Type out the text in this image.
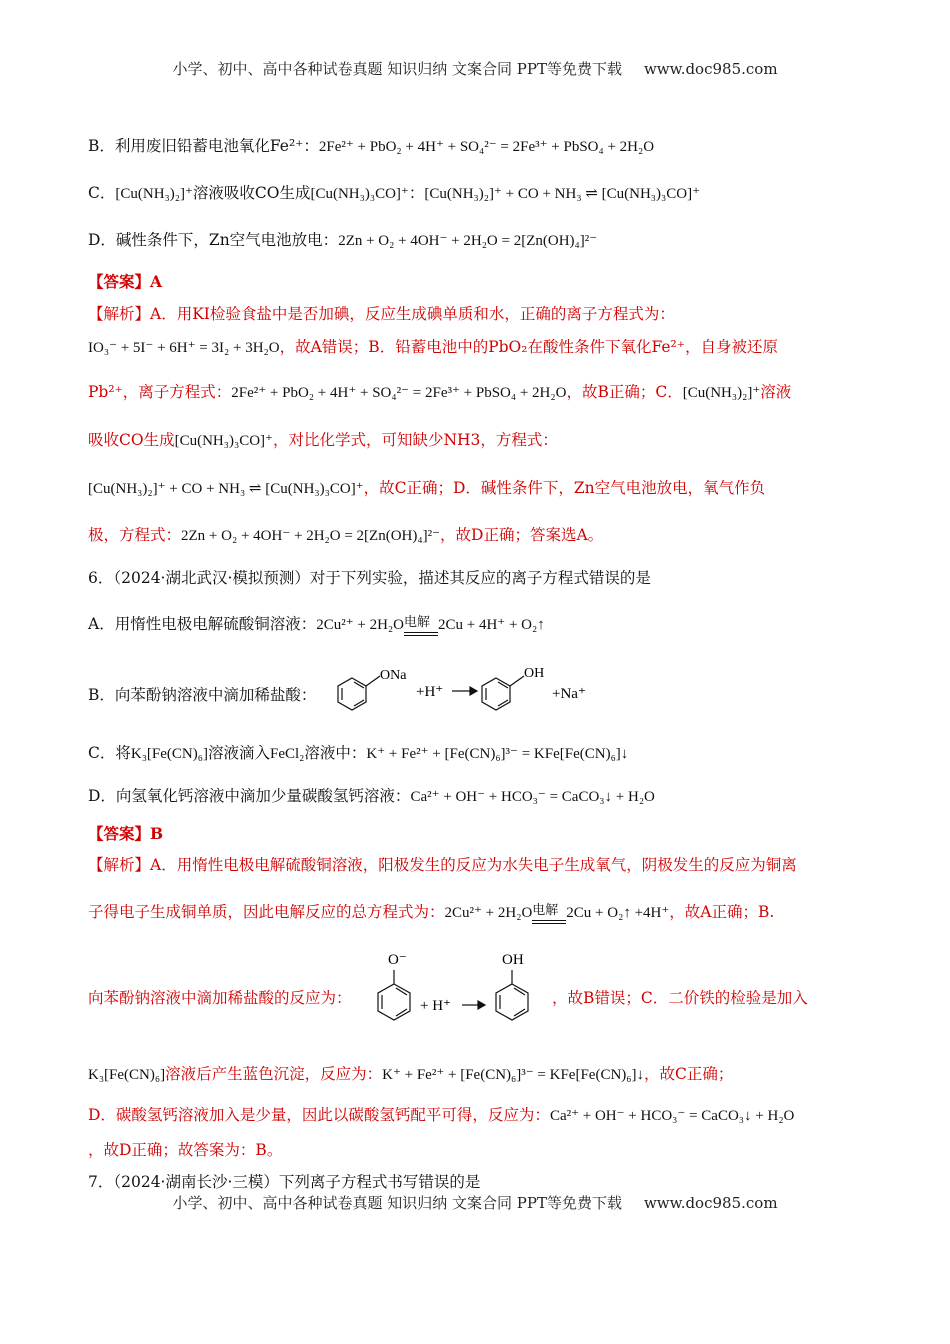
小学、初中、高中各种试卷真题 知识归纳 文案合同 PPT等免费下载 www.doc985.com
B．利用废旧铅蓄电池氧化Fe²⁺：2Fe²⁺ + PbO₂ + 4H⁺ + SO₄²⁻ = 2Fe³⁺ + PbSO₄ + 2H₂O
C．[Cu(NH₃)₂]⁺溶液吸收CO生成[Cu(NH₃)₃CO]⁺：[Cu(NH₃)₂]⁺ + CO + NH₃ ⇌ [Cu(NH₃)₃CO]⁺
D．碱性条件下，Zn空气电池放电：2Zn + O₂ + 4OH⁻ + 2H₂O = 2[Zn(OH)₄]²⁻
【答案】A
【解析】A．用KI检验食盐中是否加碘，反应生成碘单质和水，正确的离子方程式为：
IO₃⁻ + 5I⁻ + 6H⁺ = 3I₂ + 3H₂O，故A错误；B．铅蓄电池中的PbO₂在酸性条件下氧化Fe²⁺，自身被还原
Pb²⁺，离子方程式：2Fe²⁺ + PbO₂ + 4H⁺ + SO₄²⁻ = 2Fe³⁺ + PbSO₄ + 2H₂O，故B正确；C．[Cu(NH₃)₂]⁺溶液
吸收CO生成[Cu(NH₃)₃CO]⁺，对比化学式，可知缺少NH3，方程式：
[Cu(NH₃)₂]⁺ + CO + NH₃ ⇌ [Cu(NH₃)₃CO]⁺，故C正确；D．碱性条件下，Zn空气电池放电，氧气作负
极，方程式：2Zn + O₂ + 4OH⁻ + 2H₂O = 2[Zn(OH)₄]²⁻，故D正确；答案选A。
6．（2024·湖北武汉·模拟预测）对于下列实验，描述其反应的离子方程式错误的是
A．用惰性电极电解硫酸铜溶液：2Cu²⁺ + 2H₂O 电解 2Cu + 4H⁺ + O₂↑
B．向苯酚钠溶液中滴加稀盐酸：
ONa
+H⁺
OH
+Na⁺
C．将K₃[Fe(CN)₆]溶液滴入FeCl₂溶液中：K⁺ + Fe²⁺ + [Fe(CN)₆]³⁻ = KFe[Fe(CN)₆]↓
D．向氢氧化钙溶液中滴加少量碳酸氢钙溶液：Ca²⁺ + OH⁻ + HCO₃⁻ = CaCO₃↓ + H₂O
【答案】B
【解析】A．用惰性电极电解硫酸铜溶液，阳极发生的反应为水失电子生成氧气，阴极发生的反应为铜离
子得电子生成铜单质，因此电解反应的总方程式为：2Cu²⁺ + 2H₂O 电解 2Cu + O₂↑ +4H⁺，故A正确；B.
向苯酚钠溶液中滴加稀盐酸的反应为：
O⁻
+ H⁺
OH
，故B错误；C．二价铁的检验是加入
K₃[Fe(CN)₆]溶液后产生蓝色沉淀，反应为：K⁺ + Fe²⁺ + [Fe(CN)₆]³⁻ = KFe[Fe(CN)₆]↓，故C正确；
D．碳酸氢钙溶液加入是少量，因此以碳酸氢钙配平可得，反应为：Ca²⁺ + OH⁻ + HCO₃⁻ = CaCO₃↓ + H₂O
，故D正确；故答案为：B。
7．（2024·湖南长沙·三模）下列离子方程式书写错误的是
小学、初中、高中各种试卷真题 知识归纳 文案合同 PPT等免费下载 www.doc985.com
